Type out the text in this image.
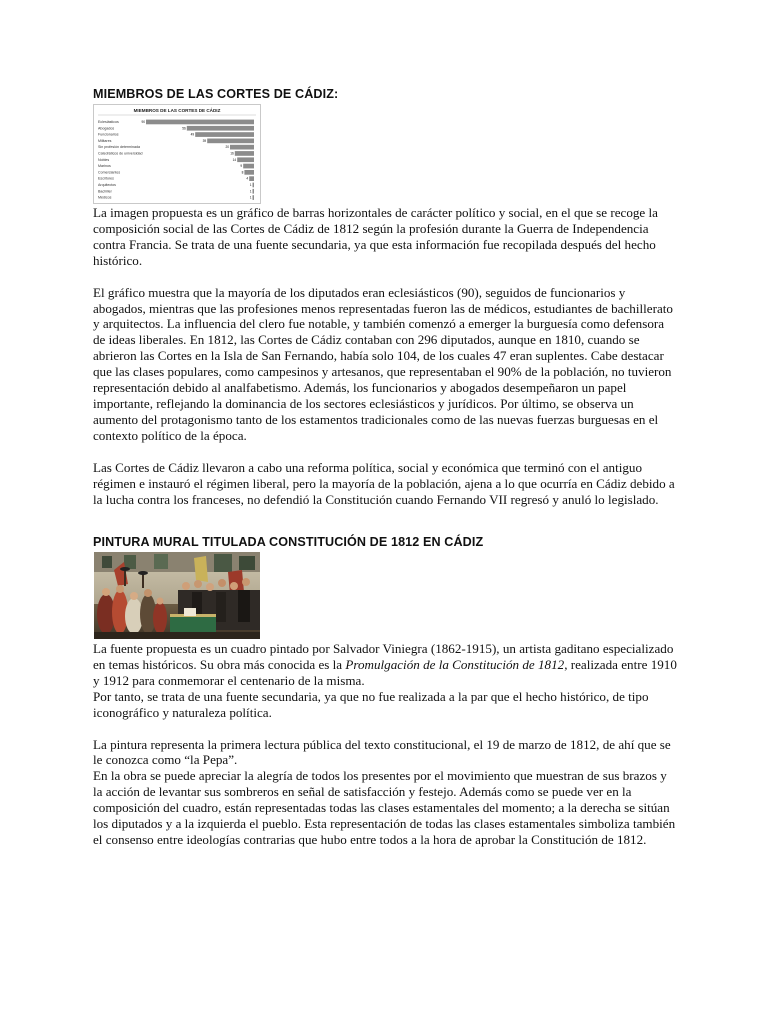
MIEMBROS DE LAS CORTES DE CÁDIZ:
MIEMBROS DE LAS CORTES DE CÁDIZ
Eclesiásticos	90
Abogados	56
Funcionarios	49
Militares	39
Sin profesión determinada	20
Catedráticos de universidad	16
Nobles	14
Marinos	9
Comerciantes	8
Escritores	4
Arquitectos	1
Bachiller	1
Médicos	1

La imagen propuesta es un gráfico de barras horizontales de carácter político y social, en el que se recoge la composición social de las Cortes de Cádiz de 1812 según la profesión durante la Guerra de Independencia contra Francia. Se trata de una fuente secundaria, ya que esta información fue recopilada después del hecho histórico.

El gráfico muestra que la mayoría de los diputados eran eclesiásticos (90), seguidos de funcionarios y abogados, mientras que las profesiones menos representadas fueron las de médicos, estudiantes de bachillerato y arquitectos. La influencia del clero fue notable, y también comenzó a emerger la burguesía como defensora de ideas liberales. En 1812, las Cortes de Cádiz contaban con 296 diputados, aunque en 1810, cuando se abrieron las Cortes en la Isla de San Fernando, había solo 104, de los cuales 47 eran suplentes. Cabe destacar que las clases populares, como campesinos y artesanos, que representaban el 90% de la población, no tuvieron representación debido al analfabetismo. Además, los funcionarios y abogados desempeñaron un papel importante, reflejando la dominancia de los sectores eclesiásticos y jurídicos. Por último, se observa un aumento del protagonismo tanto de los estamentos tradicionales como de las nuevas fuerzas burguesas en el contexto político de la época.

Las Cortes de Cádiz llevaron a cabo una reforma política, social y económica que terminó con el antiguo régimen e instauró el régimen liberal, pero la mayoría de la población, ajena a lo que ocurría en Cádiz debido a la lucha contra los franceses, no defendió la Constitución cuando Fernando VII regresó y anuló lo legislado.

PINTURA MURAL TITULADA CONSTITUCIÓN DE 1812 EN CÁDIZ

La fuente propuesta es un cuadro pintado por Salvador Viniegra (1862-1915), un artista gaditano especializado en temas históricos. Su obra más conocida es la Promulgación de la Constitución de 1812, realizada entre 1910 y 1912 para conmemorar el centenario de la misma.

Por tanto, se trata de una fuente secundaria, ya que no fue realizada a la par que el hecho histórico, de tipo iconográfico y naturaleza política.

La pintura representa la primera lectura pública del texto constitucional, el 19 de marzo de 1812, de ahí que se le conozca como “la Pepa”.

En la obra se puede apreciar la alegría de todos los presentes por el movimiento que muestran de sus brazos y la acción de levantar sus sombreros en señal de satisfacción y festejo. Además como se puede ver en la composición del cuadro, están representadas todas las clases estamentales del momento; a la derecha se sitúan los diputados y a la izquierda el pueblo. Esta representación de todas las clases estamentales simboliza también el consenso entre ideologías contrarias que hubo entre todos a la hora de aprobar la Constitución de 1812.
